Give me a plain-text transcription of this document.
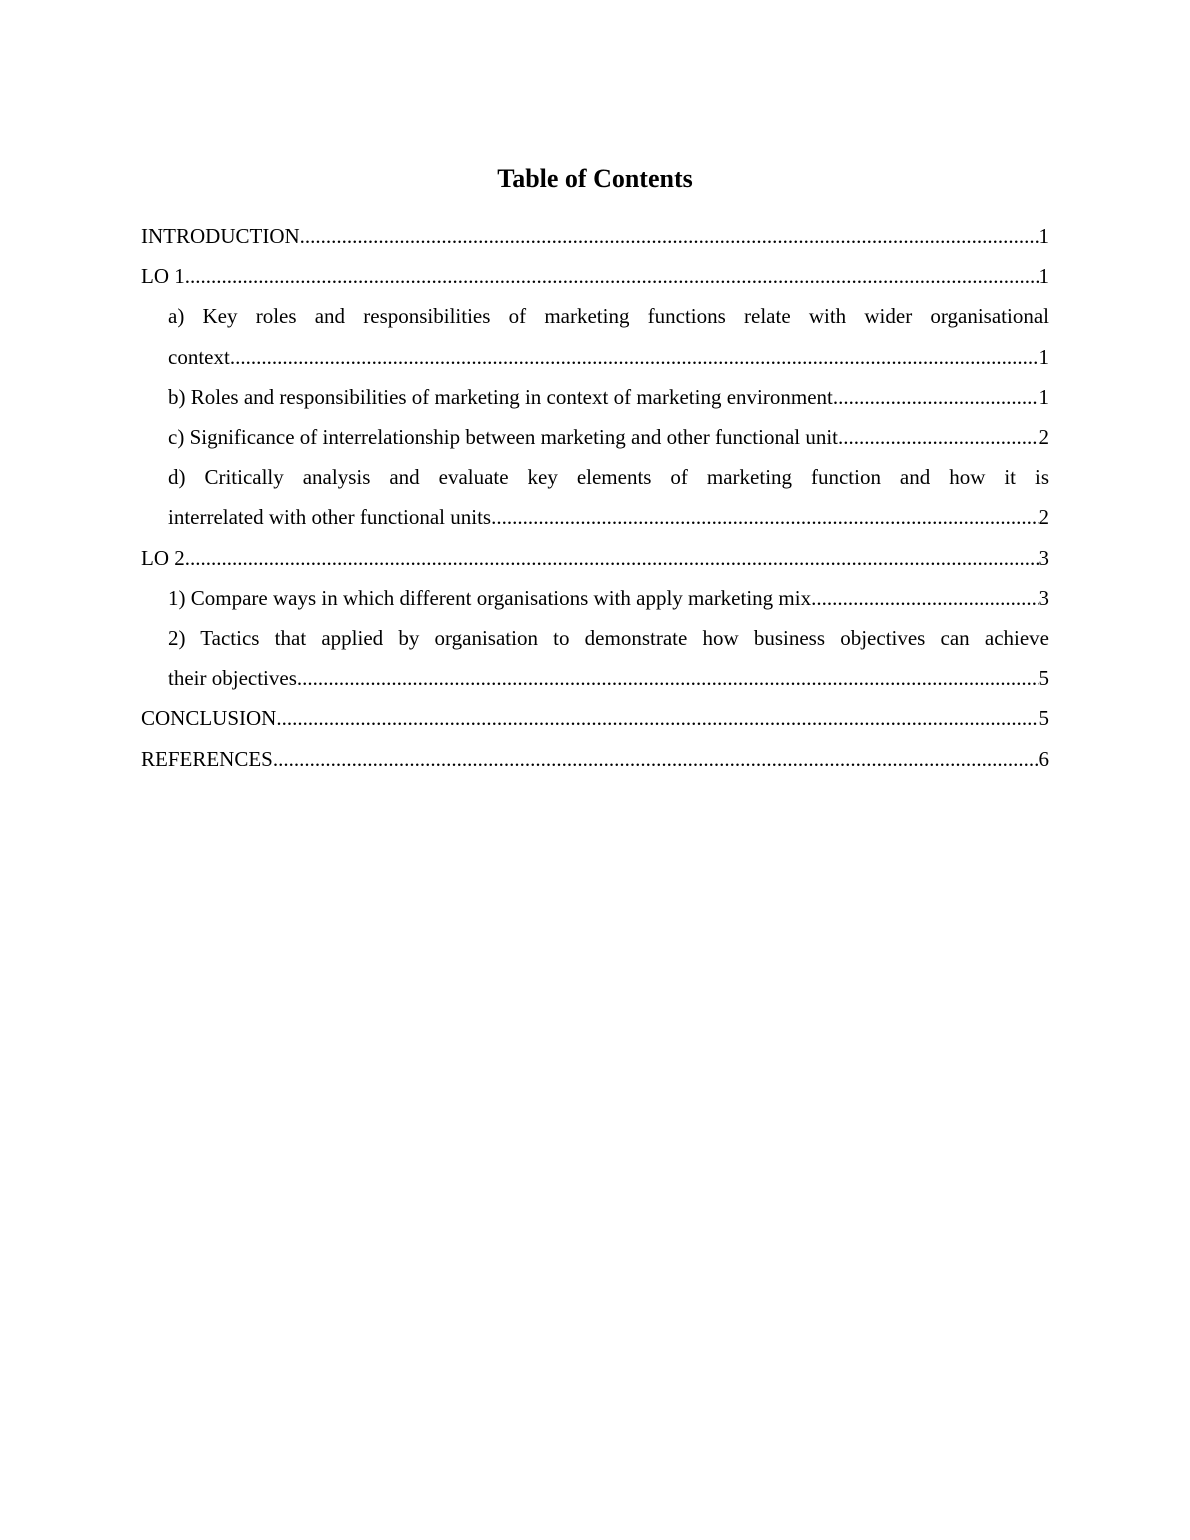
Table of Contents
INTRODUCTION .....	1
LO 1 .....	1
a) Key roles and responsibilities of marketing functions relate with wider organisational
context .....	1
b) Roles and responsibilities of marketing in context of marketing environment .....	1
c) Significance of interrelationship between marketing and other functional unit .....	2
d) Critically analysis and evaluate key elements of marketing function and how it is
interrelated with other functional units .....	2
LO 2 .....	3
1) Compare ways in which different organisations with apply marketing mix .....	3
2) Tactics that applied by organisation to demonstrate how business objectives can achieve
their objectives .....	5
CONCLUSION .....	5
REFERENCES .....	6
